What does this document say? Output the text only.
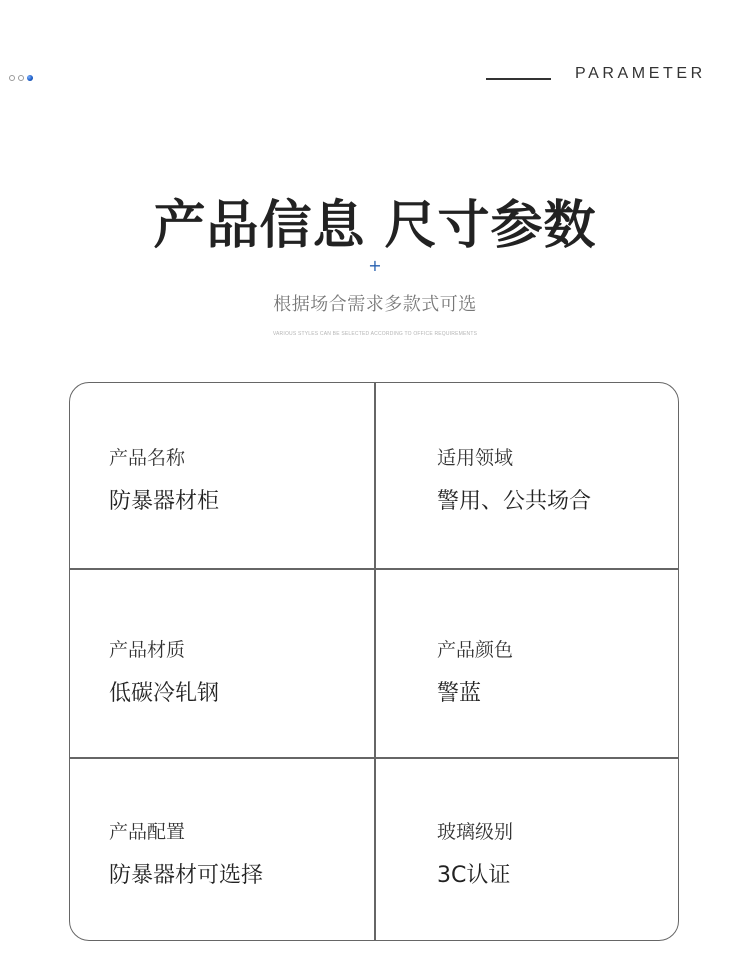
PARAMETER
产品信息 尺寸参数
+
根据场合需求多款式可选
VARIOUS STYLES CAN BE SELECTED ACCORDING TO OFFICE REQUIREMENTS
产品名称
防暴器材柜
适用领域
警用、公共场合
产品材质
低碳冷轧钢
产品颜色
警蓝
产品配置
防暴器材可选择
玻璃级别
3C认证
